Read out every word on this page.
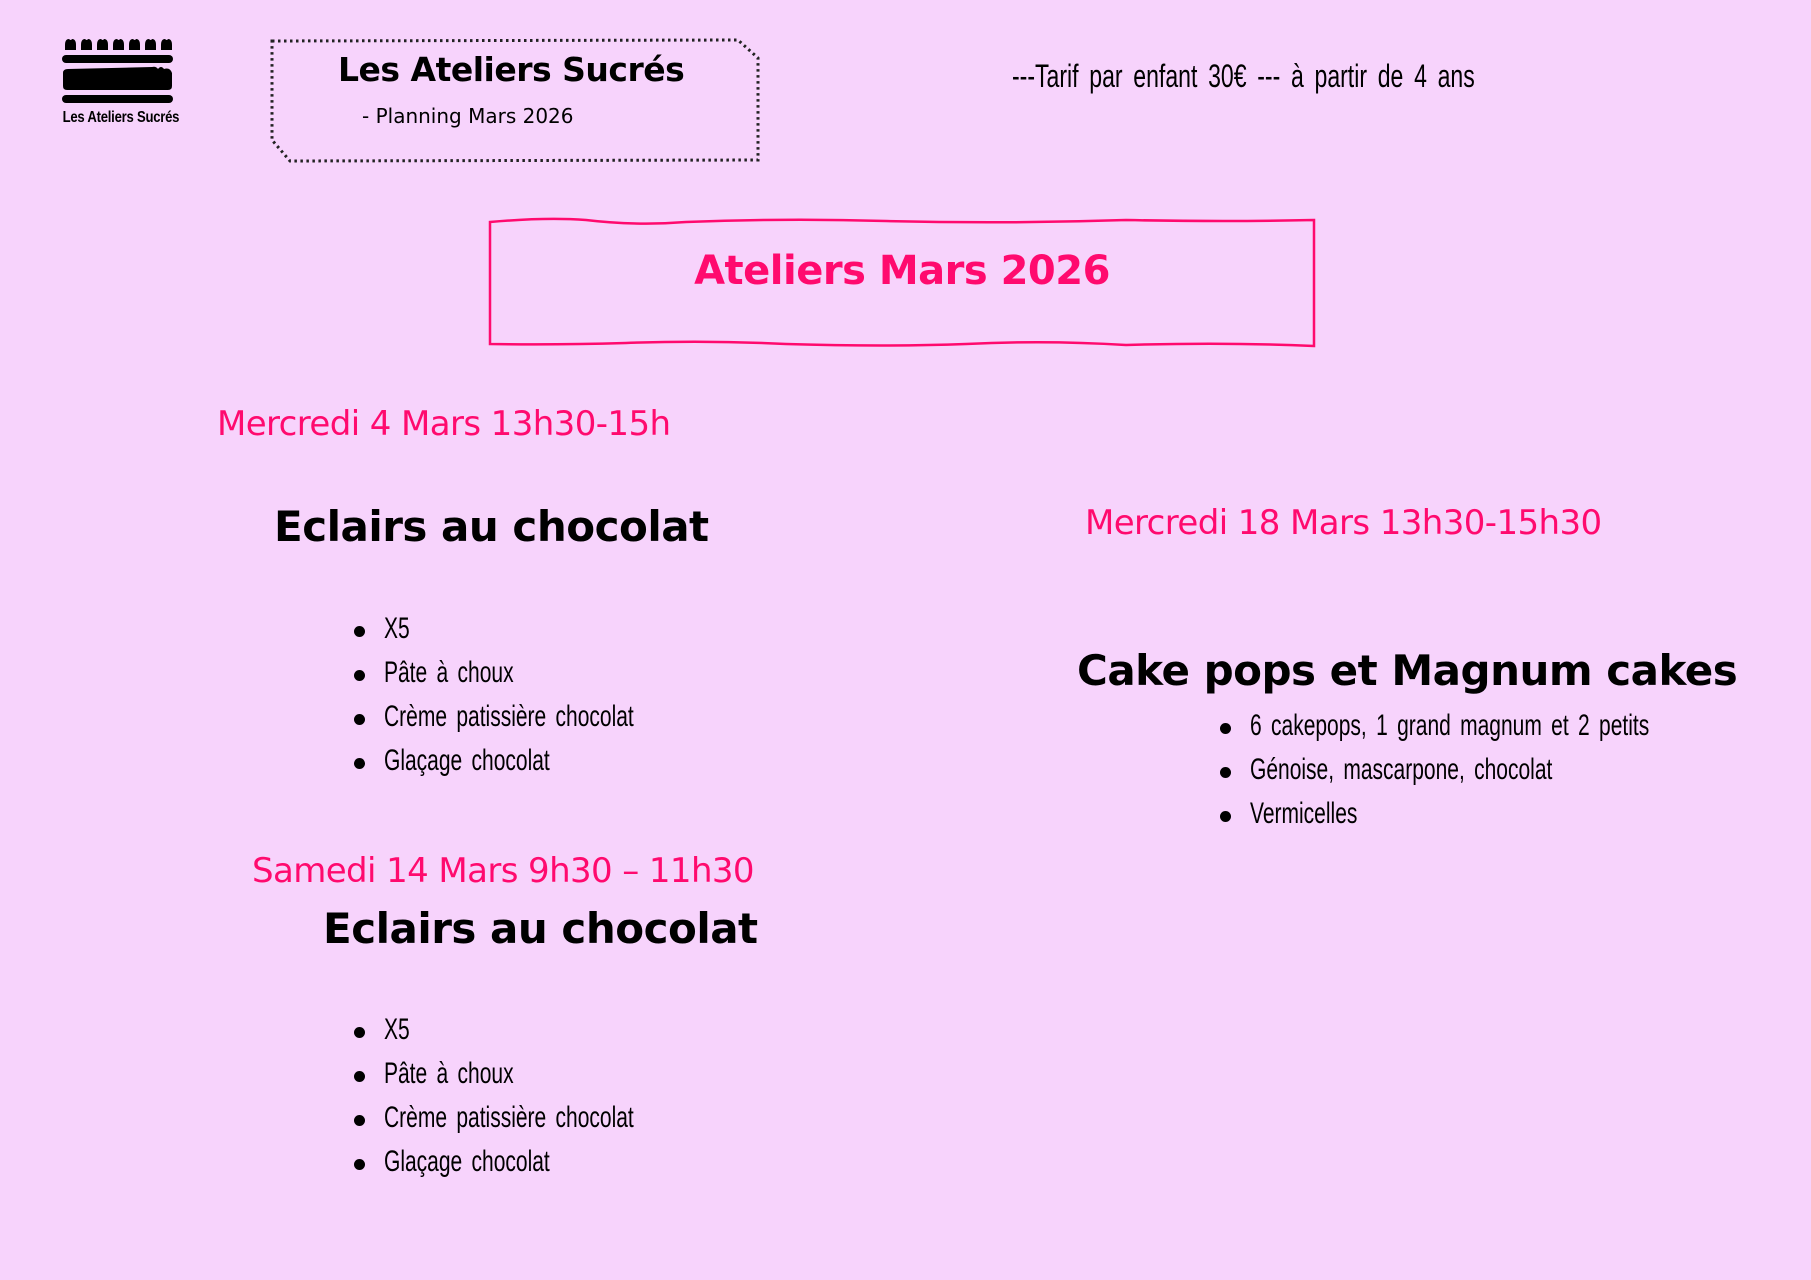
Les Ateliers Sucrés
Les Ateliers Sucrés
- Planning Mars 2026
---Tarif par enfant 30€ --- à partir de 4 ans
Ateliers Mars 2026
Mercredi 4 Mars 13h30-15h
Eclairs au chocolat
X5
Pâte à choux
Crème patissière chocolat
Glaçage chocolat
Samedi 14 Mars 9h30 – 11h30
Eclairs au chocolat
X5
Pâte à choux
Crème patissière chocolat
Glaçage chocolat
Mercredi 18 Mars 13h30-15h30
Cake pops et Magnum cakes
6 cakepops, 1 grand magnum et 2 petits
Génoise, mascarpone, chocolat
Vermicelles
